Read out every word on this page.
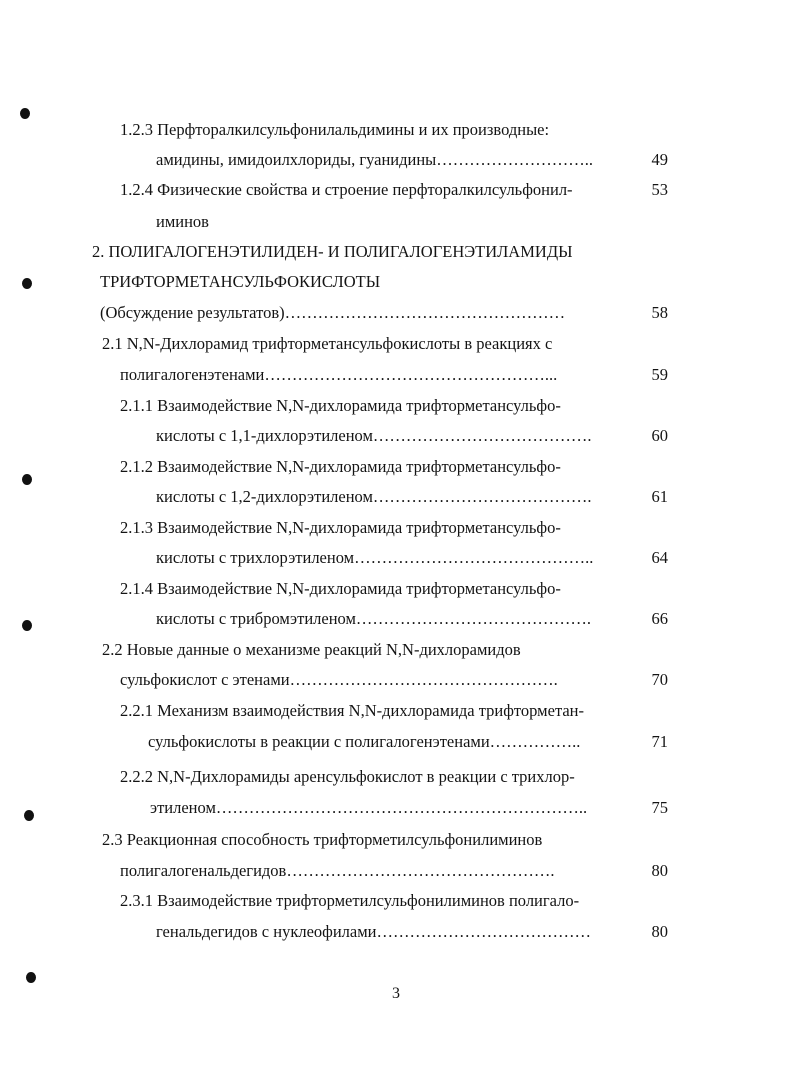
1.2.3 Перфторалкилсульфонилальдимины и их производные:
амидины, имидоилхлориды, гуанидины………………………..	49
1.2.4 Физические свойства и строение перфторалкилсульфонил-	53
иминов
2. ПОЛИГАЛОГЕНЭТИЛИДЕН- И ПОЛИГАЛОГЕНЭТИЛАМИДЫ
ТРИФТОРМЕТАНСУЛЬФОКИСЛОТЫ
(Обсуждение результатов)……………………………………………	58
2.1 N,N-Дихлорамид трифторметансульфокислоты в реакциях с
полигалогенэтенами……………………………………………...	59
2.1.1 Взаимодействие N,N-дихлорамида трифторметансульфо-
кислоты с 1,1-дихлорэтиленом………………………………….	60
2.1.2 Взаимодействие N,N-дихлорамида трифторметансульфо-
кислоты с 1,2-дихлорэтиленом………………………………….	61
2.1.3 Взаимодействие N,N-дихлорамида трифторметансульфо-
кислоты с трихлорэтиленом……………………………………..	64
2.1.4 Взаимодействие N,N-дихлорамида трифторметансульфо-
кислоты с трибромэтиленом…………………………………….	66
2.2 Новые данные о механизме реакций N,N-дихлорамидов
сульфокислот с этенами………………………………………….	70
2.2.1 Механизм взаимодействия N,N-дихлорамида трифторметан-
сульфокислоты в реакции с полигалогенэтенами……………..	71
2.2.2 N,N-Дихлорамиды аренсульфокислот в реакции с трихлор-
этиленом…………………………………………………………..	75
2.3 Реакционная способность трифторметилсульфонилиминов
полигалогенальдегидов………………………………………….	80
2.3.1 Взаимодействие трифторметилсульфонилиминов полигало-
генальдегидов с нуклеофилами…………………………………	80
3
